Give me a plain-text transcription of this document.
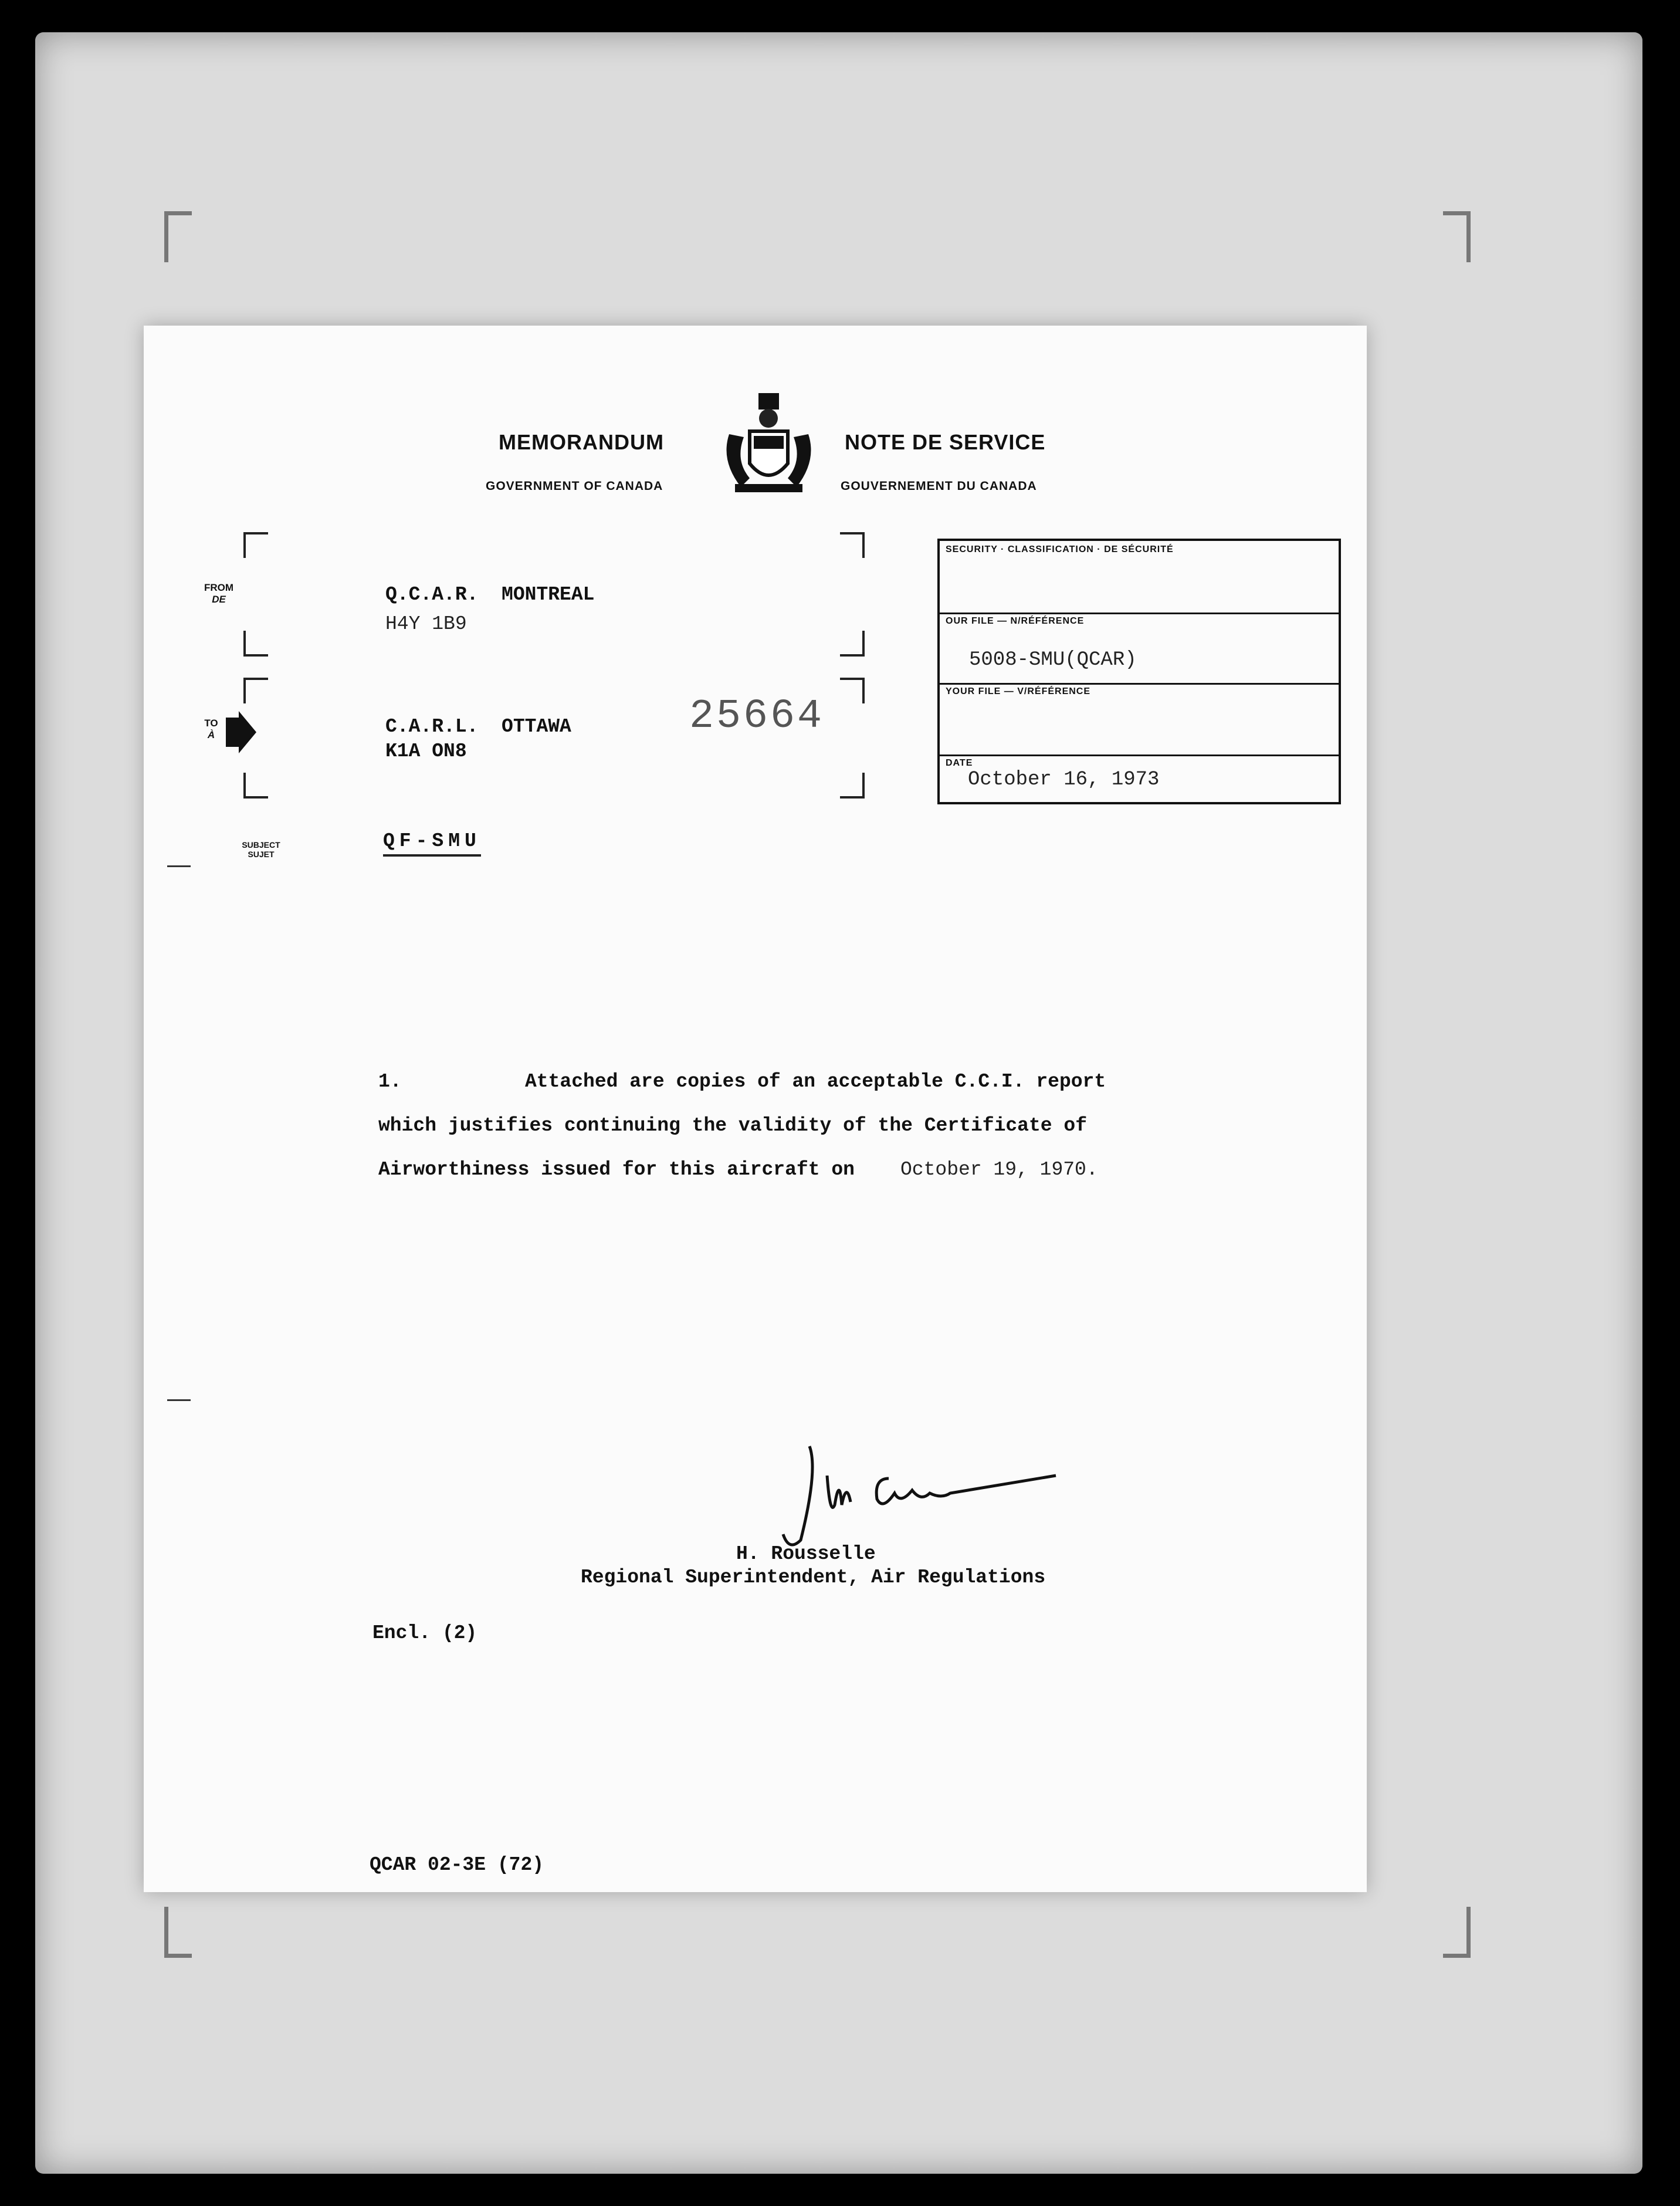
MEMORANDUM
GOVERNMENT OF CANADA
NOTE DE SERVICE
GOUVERNEMENT DU CANADA
FROM
DE	Q.C.A.R.  MONTREAL
H4Y 1B9
TO
À	C.A.R.L.  OTTAWA
K1A ON8
25664
SUBJECT
SUJET
QF-SMU
SECURITY · CLASSIFICATION · DE SÉCURITÉ
OUR FILE — N/RÉFÉRENCE
5008-SMU(QCAR)
YOUR FILE — V/RÉFÉRENCE
DATE
October 16, 1973
1.	Attached are copies of an acceptable C.C.I. report
which justifies continuing the validity of the Certificate of
Airworthiness issued for this aircraft on October 19, 1970.
H. Rousselle
Regional Superintendent, Air Regulations
Encl. (2)
QCAR 02-3E (72)
